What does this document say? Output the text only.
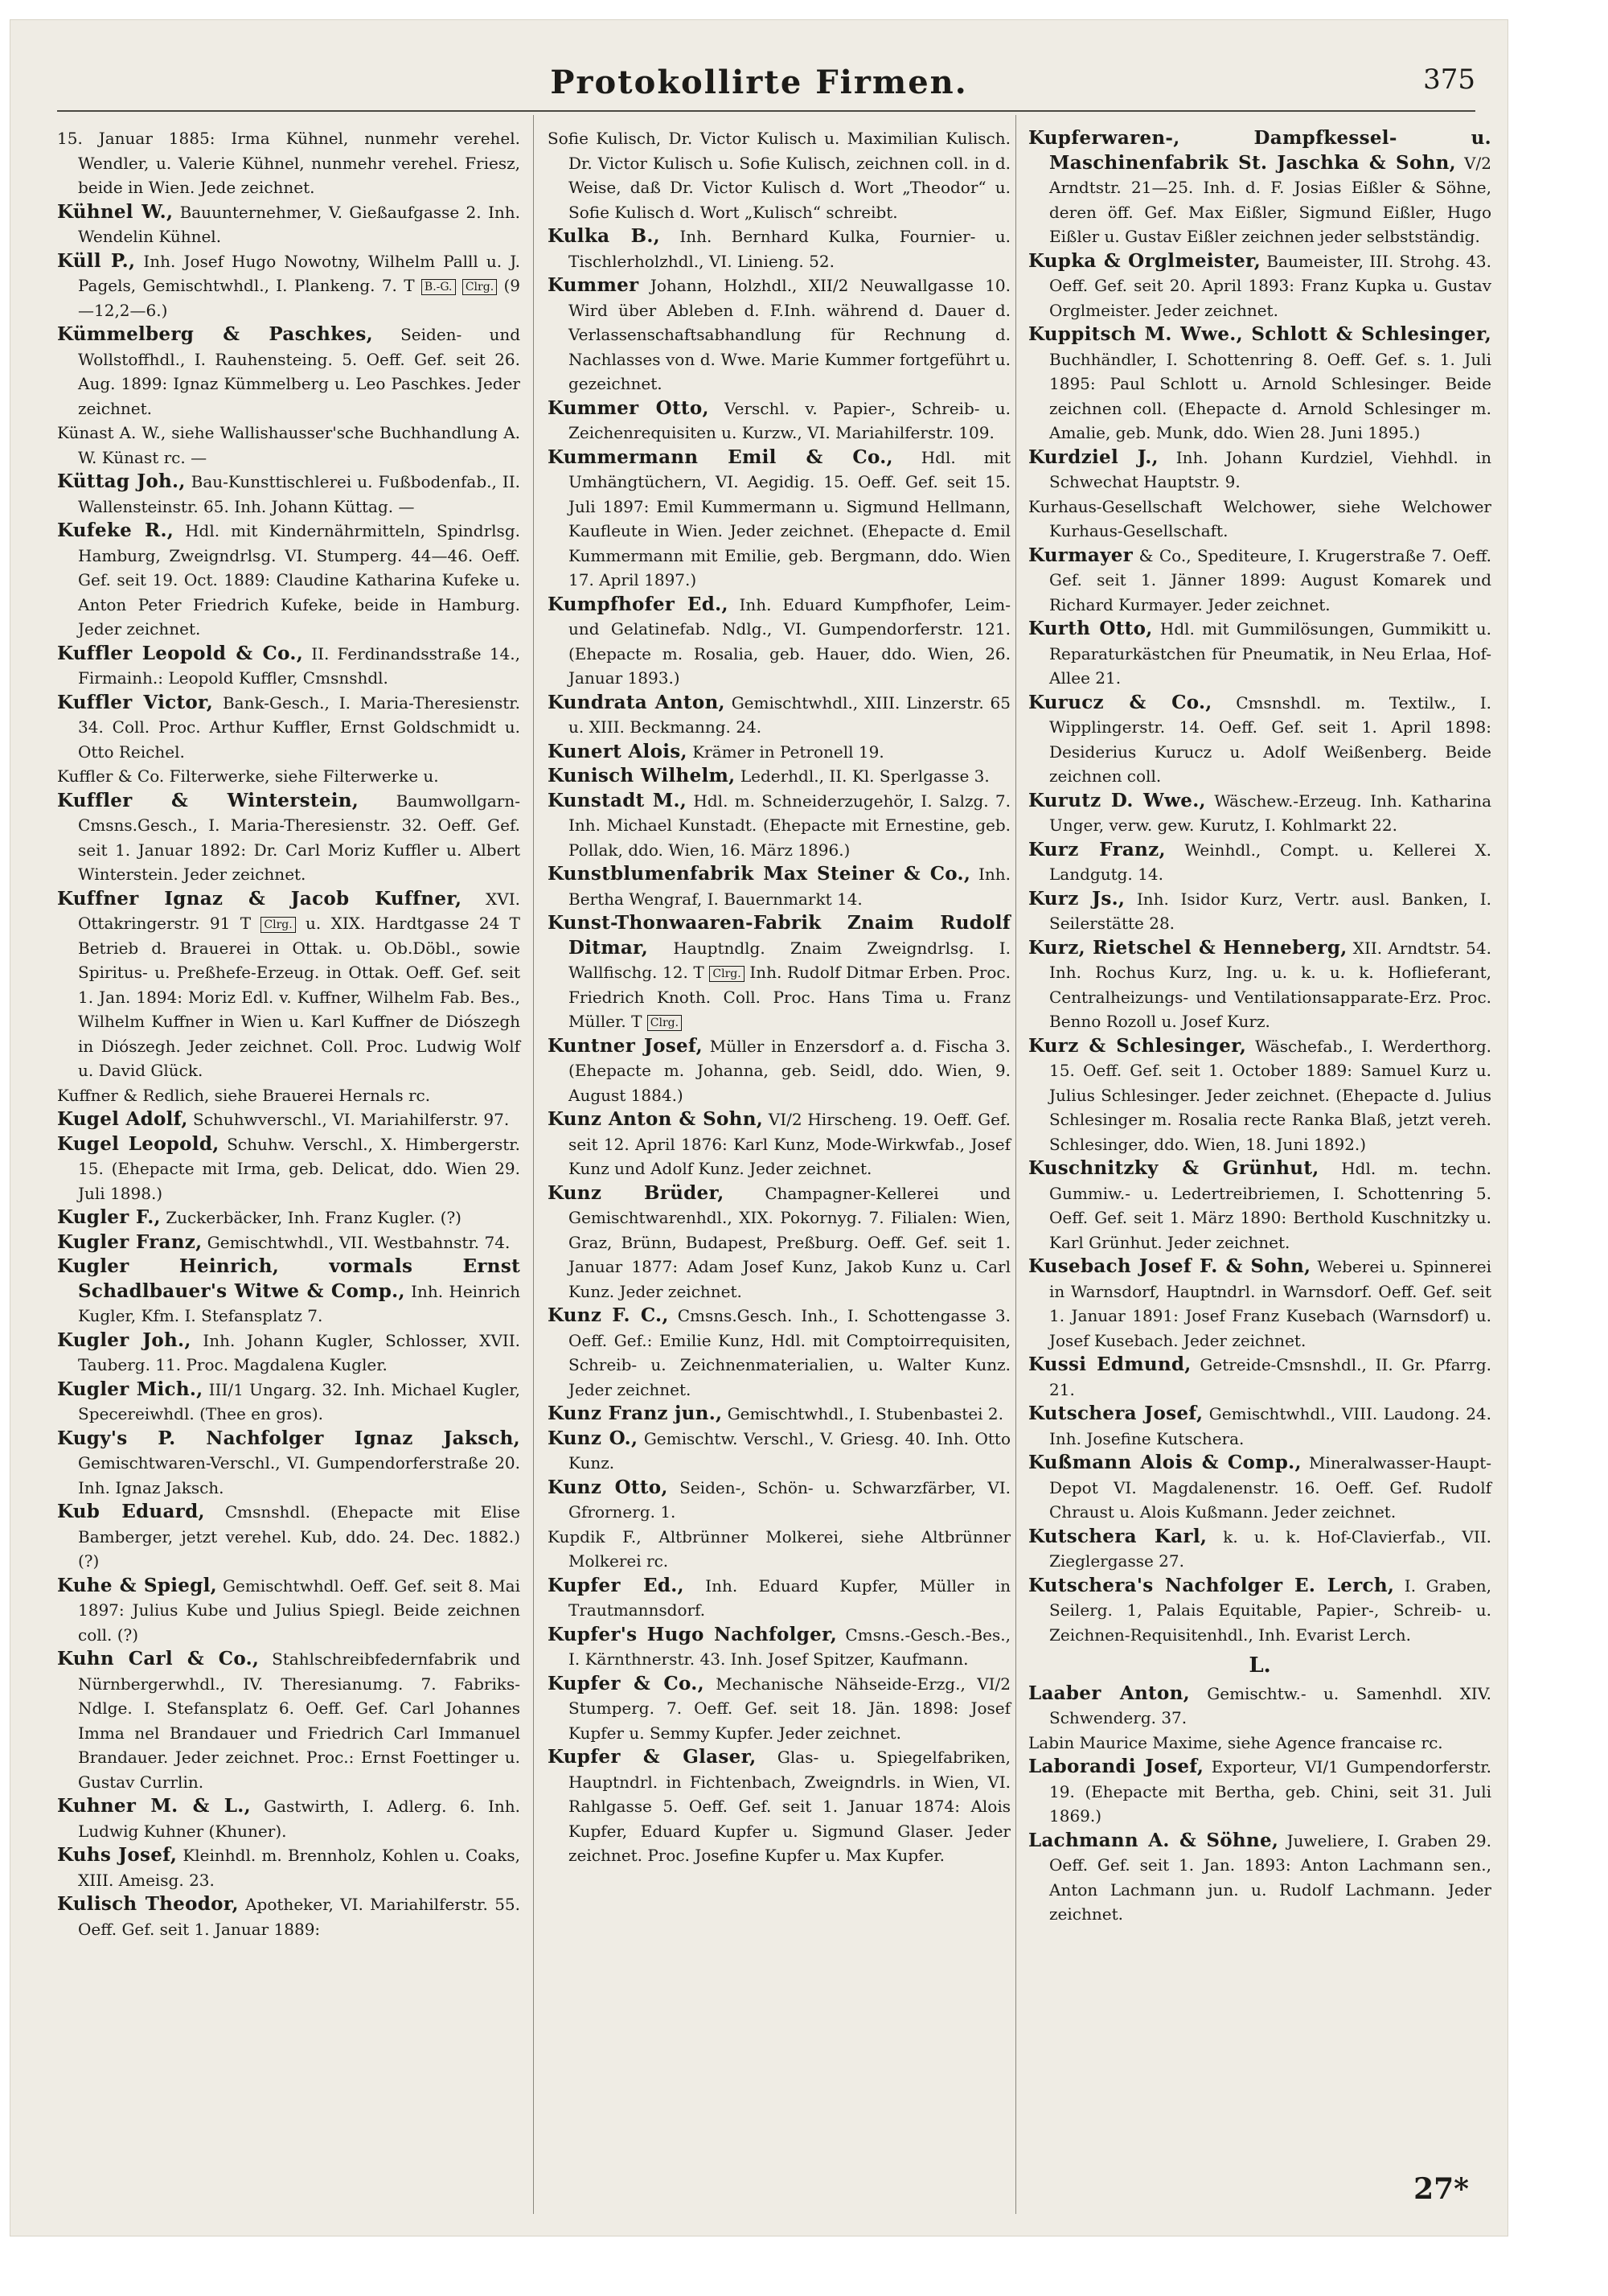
Protokollirte Firmen.	375

15. Januar 1885: Irma Kühnel, nunmehr verehel. Wendler, u. Valerie Kühnel, nunmehr verehel. Friesz, beide in Wien. Jede zeichnet.

Kühnel W., Bauunternehmer, V. Gießaufgasse 2. Inh. Wendelin Kühnel.

Küll P., Inh. Josef Hugo Nowotny, Wilhelm Palll u. J. Pagels, Gemischtwhdl., I. Plankeng. 7. T B.-G. Clrg. (9—12,2—6.)

Kümmelberg & Paschkes, Seiden- und Wollstoffhdl., I. Rauhensteing. 5. Oeff. Gef. seit 26. Aug. 1899: Ignaz Kümmelberg u. Leo Paschkes. Jeder zeichnet.

Künast A. W., siehe Wallishausser'sche Buchhandlung A. W. Künast rc. —

Küttag Joh., Bau-Kunsttischlerei u. Fußbodenfab., II. Wallensteinstr. 65. Inh. Johann Küttag. —

Kufeke R., Hdl. mit Kindernährmitteln, Spindrlsg. Hamburg, Zweigndrlsg. VI. Stumperg. 44—46. Oeff. Gef. seit 19. Oct. 1889: Claudine Katharina Kufeke u. Anton Peter Friedrich Kufeke, beide in Hamburg. Jeder zeichnet.

Kuffler Leopold & Co., II. Ferdinandsstraße 14., Firmainh.: Leopold Kuffler, Cmsnshdl.

Kuffler Victor, Bank-Gesch., I. Maria-Theresienstr. 34. Coll. Proc. Arthur Kuffler, Ernst Goldschmidt u. Otto Reichel.

Kuffler & Co. Filterwerke, siehe Filterwerke u.

Kuffler & Winterstein, Baumwollgarn-Cmsns.Gesch., I. Maria-Theresienstr. 32. Oeff. Gef. seit 1. Januar 1892: Dr. Carl Moriz Kuffler u. Albert Winterstein. Jeder zeichnet.

Kuffner Ignaz & Jacob Kuffner, XVI. Ottakringerstr. 91 T Clrg. u. XIX. Hardtgasse 24 T Betrieb d. Brauerei in Ottak. u. Ob.Döbl., sowie Spiritus- u. Preßhefe-Erzeug. in Ottak. Oeff. Gef. seit 1. Jan. 1894: Moriz Edl. v. Kuffner, Wilhelm Fab. Bes., Wilhelm Kuffner in Wien u. Karl Kuffner de Diószegh in Diószegh. Jeder zeichnet. Coll. Proc. Ludwig Wolf u. David Glück.

Kuffner & Redlich, siehe Brauerei Hernals rc.

Kugel Adolf, Schuhwverschl., VI. Mariahilferstr. 97.

Kugel Leopold, Schuhw. Verschl., X. Himbergerstr. 15. (Ehepacte mit Irma, geb. Delicat, ddo. Wien 29. Juli 1898.)

Kugler F., Zuckerbäcker, Inh. Franz Kugler. (?)

Kugler Franz, Gemischtwhdl., VII. Westbahnstr. 74.

Kugler Heinrich, vormals Ernst Schadlbauer's Witwe & Comp., Inh. Heinrich Kugler, Kfm. I. Stefansplatz 7.

Kugler Joh., Inh. Johann Kugler, Schlosser, XVII. Tauberg. 11. Proc. Magdalena Kugler.

Kugler Mich., III/1 Ungarg. 32. Inh. Michael Kugler, Specereiwhdl. (Thee en gros).

Kugy's P. Nachfolger Ignaz Jaksch, Gemischtwaren-Verschl., VI. Gumpendorferstraße 20. Inh. Ignaz Jaksch.

Kub Eduard, Cmsnshdl. (Ehepacte mit Elise Bamberger, jetzt verehel. Kub, ddo. 24. Dec. 1882.) (?)

Kuhe & Spiegl, Gemischtwhdl. Oeff. Gef. seit 8. Mai 1897: Julius Kube und Julius Spiegl. Beide zeichnen coll. (?)

Kuhn Carl & Co., Stahlschreibfedernfabrik und Nürnbergerwhdl., IV. Theresianumg. 7. Fabriks-Ndlge. I. Stefansplatz 6. Oeff. Gef. Carl Johannes Imma nel Brandauer und Friedrich Carl Immanuel Brandauer. Jeder zeichnet. Proc.: Ernst Foettinger u. Gustav Currlin.

Kuhner M. & L., Gastwirth, I. Adlerg. 6. Inh. Ludwig Kuhner (Khuner).

Kuhs Josef, Kleinhdl. m. Brennholz, Kohlen u. Coaks, XIII. Ameisg. 23.

Kulisch Theodor, Apotheker, VI. Mariahilferstr. 55. Oeff. Gef. seit 1. Januar 1889:

Sofie Kulisch, Dr. Victor Kulisch u. Maximilian Kulisch. Dr. Victor Kulisch u. Sofie Kulisch, zeichnen coll. in d. Weise, daß Dr. Victor Kulisch d. Wort „Theodor“ u. Sofie Kulisch d. Wort „Kulisch“ schreibt.

Kulka B., Inh. Bernhard Kulka, Fournier- u. Tischlerholzhdl., VI. Linieng. 52.

Kummer Johann, Holzhdl., XII/2 Neuwallgasse 10. Wird über Ableben d. F.Inh. während d. Dauer d. Verlassenschaftsabhandlung für Rechnung d. Nachlasses von d. Wwe. Marie Kummer fortgeführt u. gezeichnet.

Kummer Otto, Verschl. v. Papier-, Schreib- u. Zeichenrequisiten u. Kurzw., VI. Mariahilferstr. 109.

Kummermann Emil & Co., Hdl. mit Umhängtüchern, VI. Aegidig. 15. Oeff. Gef. seit 15. Juli 1897: Emil Kummermann u. Sigmund Hellmann, Kaufleute in Wien. Jeder zeichnet. (Ehepacte d. Emil Kummermann mit Emilie, geb. Bergmann, ddo. Wien 17. April 1897.)

Kumpfhofer Ed., Inh. Eduard Kumpfhofer, Leim- und Gelatinefab. Ndlg., VI. Gumpendorferstr. 121. (Ehepacte m. Rosalia, geb. Hauer, ddo. Wien, 26. Januar 1893.)

Kundrata Anton, Gemischtwhdl., XIII. Linzerstr. 65 u. XIII. Beckmanng. 24.

Kunert Alois, Krämer in Petronell 19.

Kunisch Wilhelm, Lederhdl., II. Kl. Sperlgasse 3.

Kunstadt M., Hdl. m. Schneiderzugehör, I. Salzg. 7. Inh. Michael Kunstadt. (Ehepacte mit Ernestine, geb. Pollak, ddo. Wien, 16. März 1896.)

Kunstblumenfabrik Max Steiner & Co., Inh. Bertha Wengraf, I. Bauernmarkt 14.

Kunst-Thonwaaren-Fabrik Znaim Rudolf Ditmar, Hauptndlg. Znaim Zweigndrlsg. I. Wallfischg. 12. T Clrg. Inh. Rudolf Ditmar Erben. Proc. Friedrich Knoth. Coll. Proc. Hans Tima u. Franz Müller. T Clrg.

Kuntner Josef, Müller in Enzersdorf a. d. Fischa 3. (Ehepacte m. Johanna, geb. Seidl, ddo. Wien, 9. August 1884.)

Kunz Anton & Sohn, VI/2 Hirscheng. 19. Oeff. Gef. seit 12. April 1876: Karl Kunz, Mode-Wirkwfab., Josef Kunz und Adolf Kunz. Jeder zeichnet.

Kunz Brüder,	Champagner-Kellerei und Gemischtwarenhdl., XIX. Pokornyg. 7. Filialen: Wien, Graz, Brünn, Budapest, Preßburg. Oeff. Gef. seit 1. Januar 1877: Adam Josef Kunz, Jakob Kunz u. Carl Kunz. Jeder zeichnet.

Kunz F. C., Cmsns.Gesch. Inh., I. Schottengasse 3. Oeff. Gef.: Emilie Kunz, Hdl. mit Comptoirrequisiten, Schreib- u. Zeichnenmaterialien, u. Walter Kunz. Jeder zeichnet.

Kunz Franz jun., Gemischtwhdl., I. Stubenbastei 2.

Kunz O., Gemischtw. Verschl., V. Griesg. 40. Inh. Otto Kunz.

Kunz Otto, Seiden-, Schön- u. Schwarzfärber, VI. Gfrornerg. 1.

Kupdik F., Altbrünner Molkerei, siehe Altbrünner Molkerei rc.

Kupfer Ed., Inh. Eduard Kupfer, Müller in Trautmannsdorf.

Kupfer's Hugo Nachfolger, Cmsns.-Gesch.-Bes., I. Kärnthnerstr. 43. Inh. Josef Spitzer, Kaufmann.

Kupfer & Co., Mechanische Nähseide-Erzg., VI/2 Stumperg. 7. Oeff. Gef. seit 18. Jän. 1898: Josef Kupfer u. Semmy Kupfer. Jeder zeichnet.

Kupfer & Glaser, Glas- u. Spiegelfabriken, Hauptndrl. in Fichtenbach, Zweigndrls. in Wien, VI. Rahlgasse 5. Oeff. Gef. seit 1. Januar 1874: Alois Kupfer, Eduard Kupfer u. Sigmund Glaser. Jeder zeichnet. Proc. Josefine Kupfer u. Max Kupfer.

Kupferwaren-, Dampfkessel- u. Maschinenfabrik St. Jaschka & Sohn, V/2 Arndtstr. 21—25. Inh. d. F. Josias Eißler & Söhne, deren öff. Gef. Max Eißler, Sigmund Eißler, Hugo Eißler u. Gustav Eißler zeichnen jeder selbstständig.

Kupka & Orglmeister, Baumeister, III. Strohg. 43. Oeff. Gef. seit 20. April 1893: Franz Kupka u. Gustav Orglmeister. Jeder zeichnet.

Kuppitsch M. Wwe., Schlott & Schlesinger, Buchhändler, I. Schottenring 8. Oeff. Gef. s. 1. Juli 1895: Paul Schlott u. Arnold Schlesinger. Beide zeichnen coll. (Ehepacte d. Arnold Schlesinger m. Amalie, geb. Munk, ddo. Wien 28. Juni 1895.)

Kurdziel J., Inh. Johann Kurdziel, Viehhdl. in Schwechat Hauptstr. 9.

Kurhaus-Gesellschaft Welchower, siehe Welchower Kurhaus-Gesellschaft.

Kurmayer & Co., Spediteure, I. Krugerstraße 7. Oeff. Gef. seit 1. Jänner 1899: August Komarek und Richard Kurmayer. Jeder zeichnet.

Kurth Otto, Hdl. mit Gummilösungen, Gummikitt u. Reparaturkästchen für Pneumatik, in Neu Erlaa, Hof-Allee 21.

Kurucz & Co., Cmsnshdl. m. Textilw., I. Wipplingerstr. 14. Oeff. Gef. seit 1. April 1898: Desiderius Kurucz u. Adolf Weißenberg. Beide zeichnen coll.

Kurutz D. Wwe., Wäschew.-Erzeug. Inh. Katharina Unger, verw. gew. Kurutz, I. Kohlmarkt 22.

Kurz Franz, Weinhdl., Compt. u. Kellerei X. Landgutg. 14.

Kurz Js., Inh. Isidor Kurz, Vertr. ausl. Banken, I. Seilerstätte 28.

Kurz, Rietschel & Henneberg, XII. Arndtstr. 54. Inh. Rochus Kurz, Ing. u. k. u. k. Hoflieferant, Centralheizungs- und Ventilationsapparate-Erz. Proc. Benno Rozoll u. Josef Kurz.

Kurz & Schlesinger, Wäschefab., I. Werderthorg. 15. Oeff. Gef. seit 1. October 1889: Samuel Kurz u. Julius Schlesinger. Jeder zeichnet. (Ehepacte d. Julius Schlesinger m. Rosalia recte Ranka Blaß, jetzt vereh. Schlesinger, ddo. Wien, 18. Juni 1892.)

Kuschnitzky & Grünhut, Hdl. m. techn. Gummiw.- u. Ledertreibriemen, I. Schottenring 5. Oeff. Gef. seit 1. März 1890: Berthold Kuschnitzky u. Karl Grünhut. Jeder zeichnet.

Kusebach Josef F. & Sohn, Weberei u. Spinnerei in Warnsdorf, Hauptndrl. in Warnsdorf. Oeff. Gef. seit 1. Januar 1891: Josef Franz Kusebach (Warnsdorf) u. Josef Kusebach. Jeder zeichnet.

Kussi Edmund, Getreide-Cmsnshdl., II. Gr. Pfarrg. 21.

Kutschera Josef, Gemischtwhdl., VIII. Laudong. 24. Inh. Josefine Kutschera.

Kußmann Alois & Comp., Mineralwasser-Haupt-Depot VI. Magdalenenstr. 16. Oeff. Gef. Rudolf Chraust u. Alois Kußmann. Jeder zeichnet.

Kutschera Karl, k. u. k. Hof-Clavierfab., VII. Zieglergasse 27.

Kutschera's Nachfolger E. Lerch, I. Graben, Seilerg. 1, Palais Equitable, Papier-, Schreib- u. Zeichnen-Requisitenhdl., Inh. Evarist Lerch.

L.

Laaber Anton, Gemischtw.- u. Samenhdl. XIV. Schwenderg. 37.

Labin Maurice Maxime, siehe Agence francaise rc.

Laborandi Josef, Exporteur, VI/1 Gumpendorferstr. 19. (Ehepacte mit Bertha, geb. Chini, seit 31. Juli 1869.)

Lachmann A. & Söhne, Juweliere, I. Graben 29. Oeff. Gef. seit 1. Jan. 1893: Anton Lachmann sen., Anton Lachmann jun. u. Rudolf Lachmann. Jeder zeichnet.

27*
